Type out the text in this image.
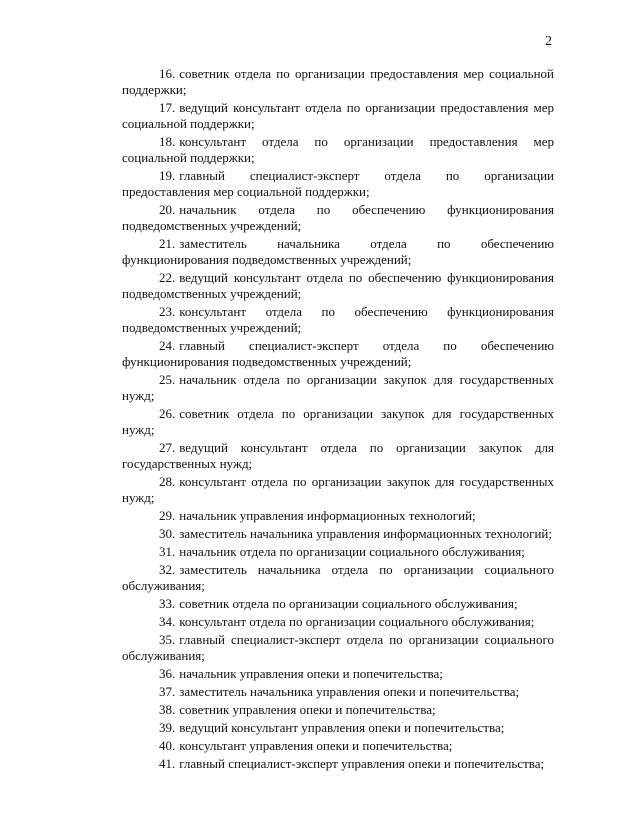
2

16. советник отдела по организации предоставления мер социальной поддержки;

17. ведущий консультант отдела по организации предоставления мер социальной поддержки;

18. консультант отдела по организации предоставления мер социальной поддержки;

19. главный специалист-эксперт отдела по организации предоставления мер социальной поддержки;

20. начальник отдела по обеспечению функционирования подведомственных учреждений;

21. заместитель начальника отдела по обеспечению функционирования подведомственных учреждений;

22. ведущий консультант отдела по обеспечению функционирования подведомственных учреждений;

23. консультант отдела по обеспечению функционирования подведомственных учреждений;

24. главный специалист-эксперт отдела по обеспечению функционирования подведомственных учреждений;

25. начальник отдела по организации закупок для государственных нужд;

26. советник отдела по организации закупок для государственных нужд;

27. ведущий консультант отдела по организации закупок для государственных нужд;

28. консультант отдела по организации закупок для государственных нужд;

29. начальник управления информационных технологий;

30. заместитель начальника управления информационных технологий;

31. начальник отдела по организации социального обслуживания;

32. заместитель начальника отдела по организации социального обслуживания;

33. советник отдела по организации социального обслуживания;

34. консультант отдела по организации социального обслуживания;

35. главный специалист-эксперт отдела по организации социального обслуживания;

36. начальник управления опеки и попечительства;

37. заместитель начальника управления опеки и попечительства;

38. советник управления опеки и попечительства;

39. ведущий консультант управления опеки и попечительства;

40. консультант управления опеки и попечительства;

41. главный специалист-эксперт управления опеки и попечительства;
